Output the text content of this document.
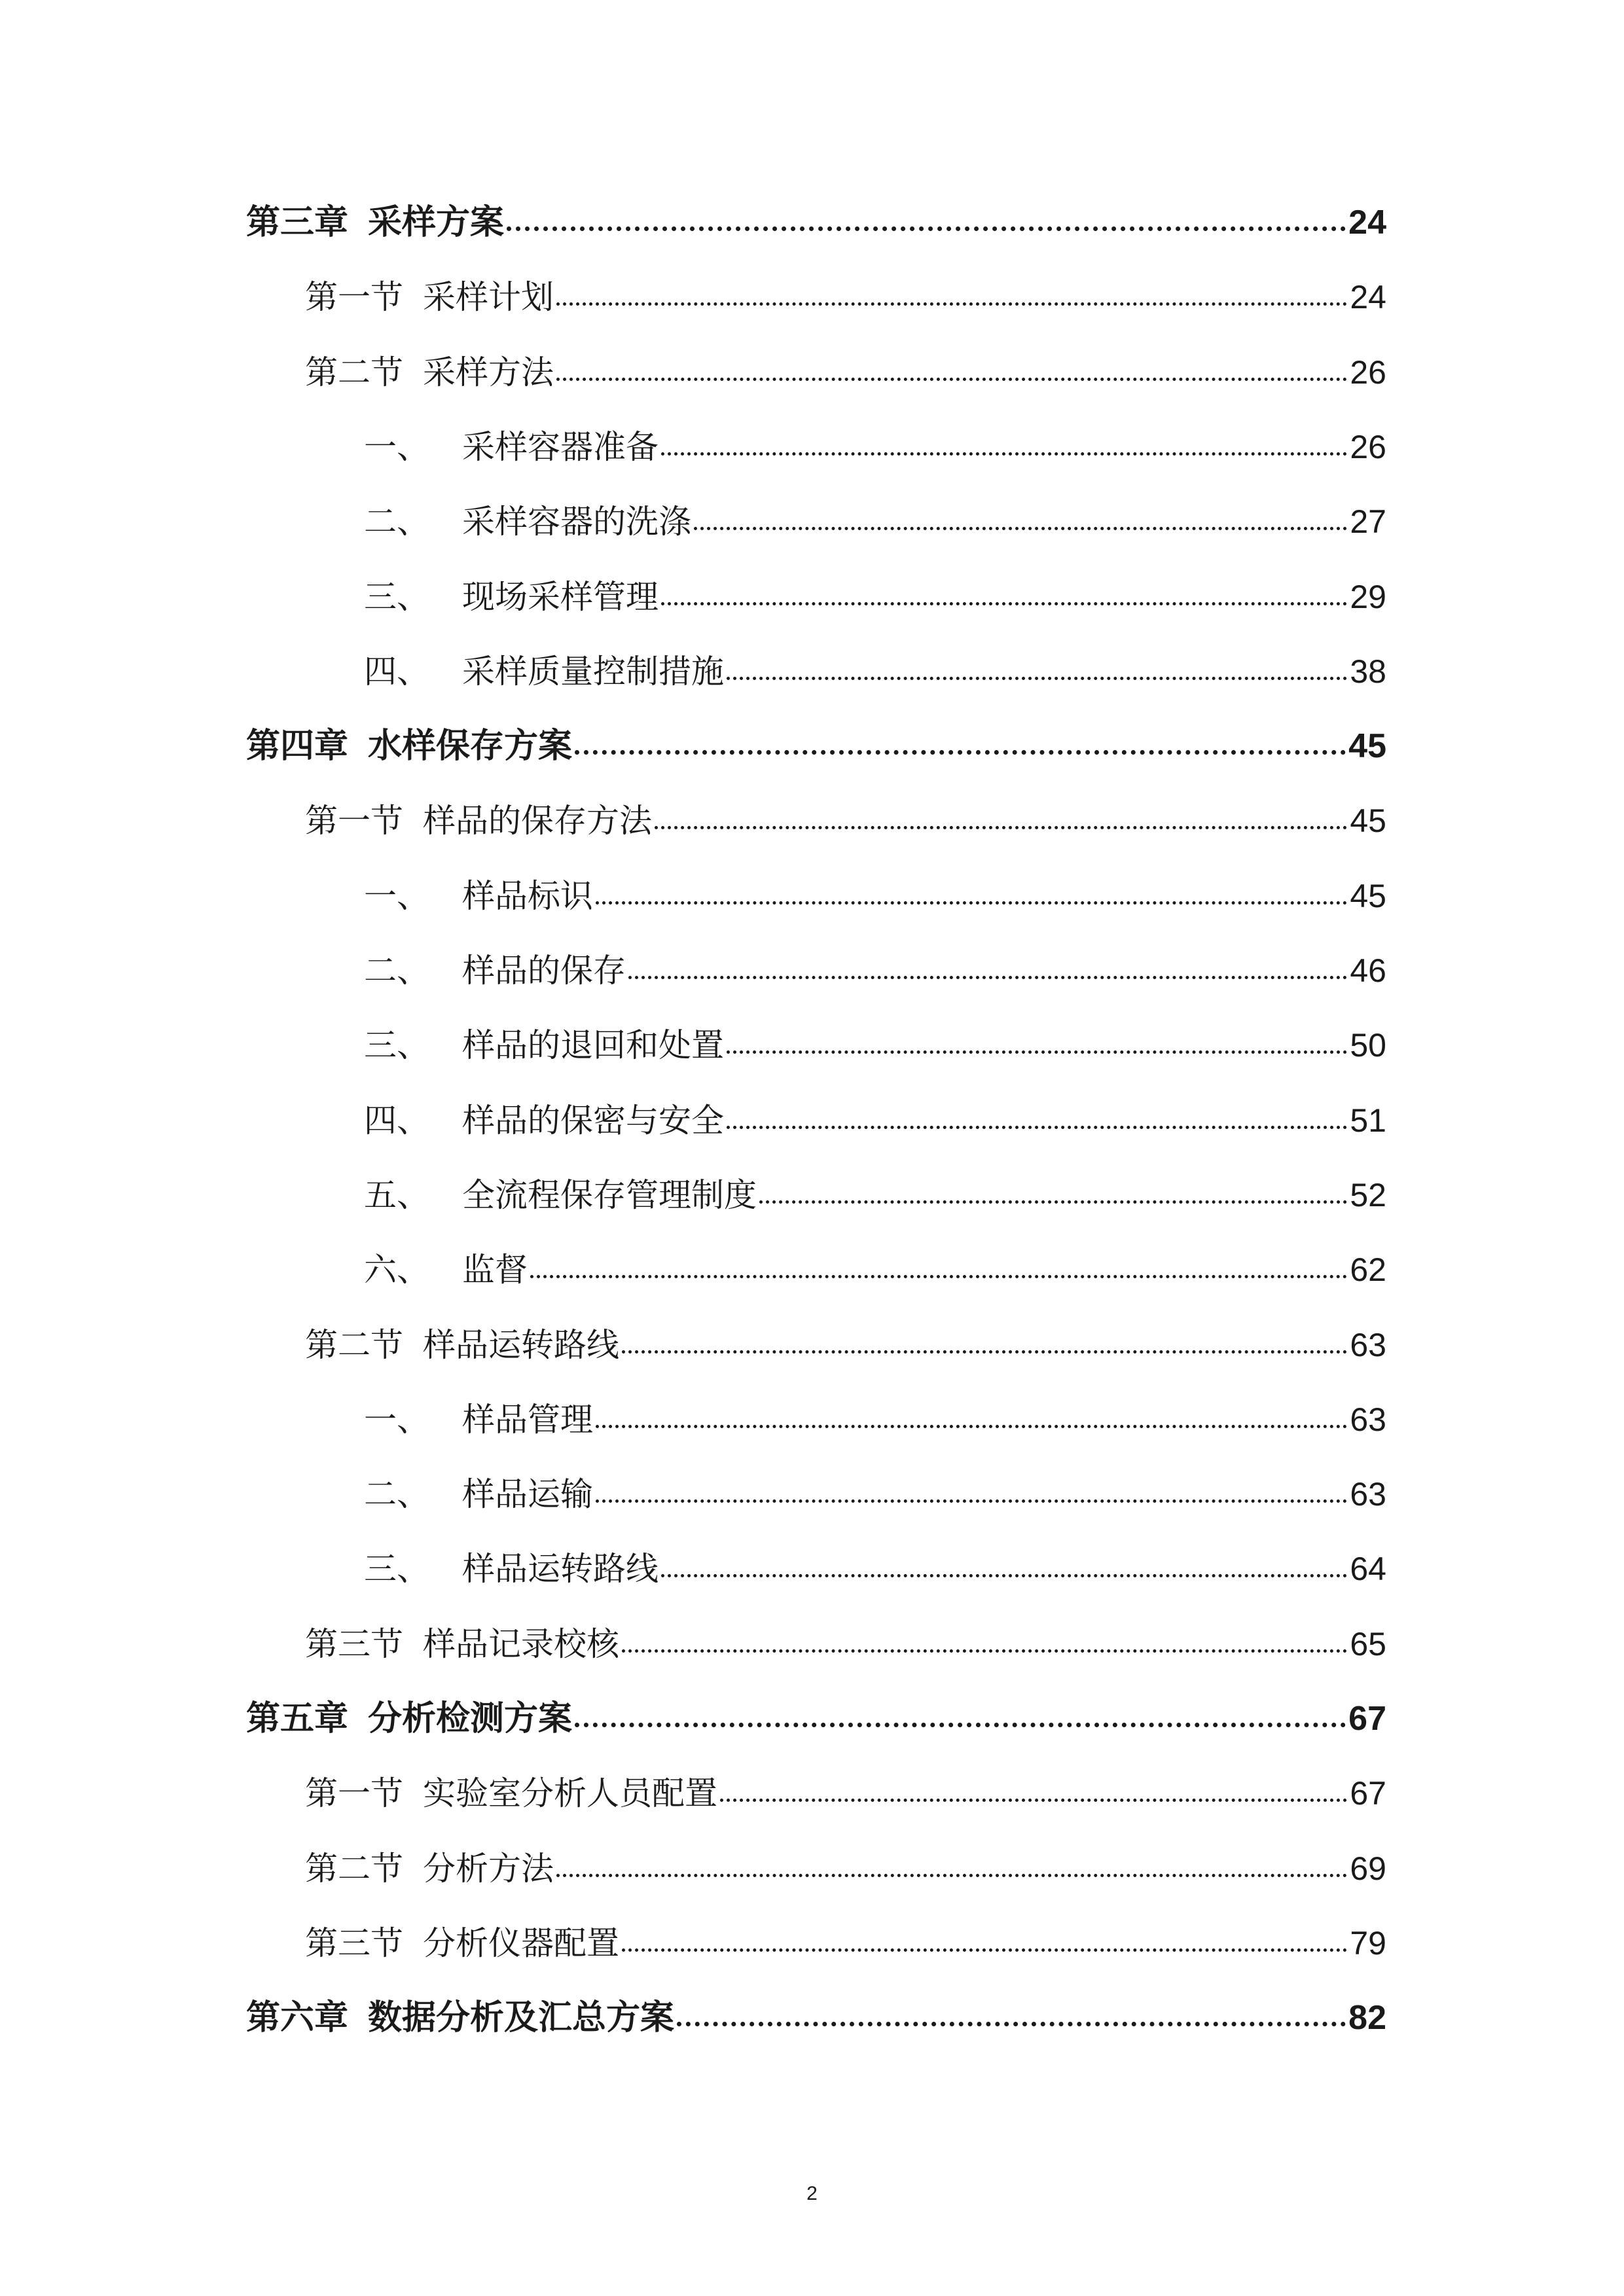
第三章 采样方案	24
第一节 采样计划	24
第二节 采样方法	26
一、	采样容器准备	26
二、	采样容器的洗涤	27
三、	现场采样管理	29
四、	采样质量控制措施	38
第四章 水样保存方案	45
第一节 样品的保存方法	45
一、	样品标识	45
二、	样品的保存	46
三、	样品的退回和处置	50
四、	样品的保密与安全	51
五、	全流程保存管理制度	52
六、	监督	62
第二节 样品运转路线	63
一、	样品管理	63
二、	样品运输	63
三、	样品运转路线	64
第三节 样品记录校核	65
第五章 分析检测方案	67
第一节 实验室分析人员配置	67
第二节 分析方法	69
第三节 分析仪器配置	79
第六章 数据分析及汇总方案	82
2
